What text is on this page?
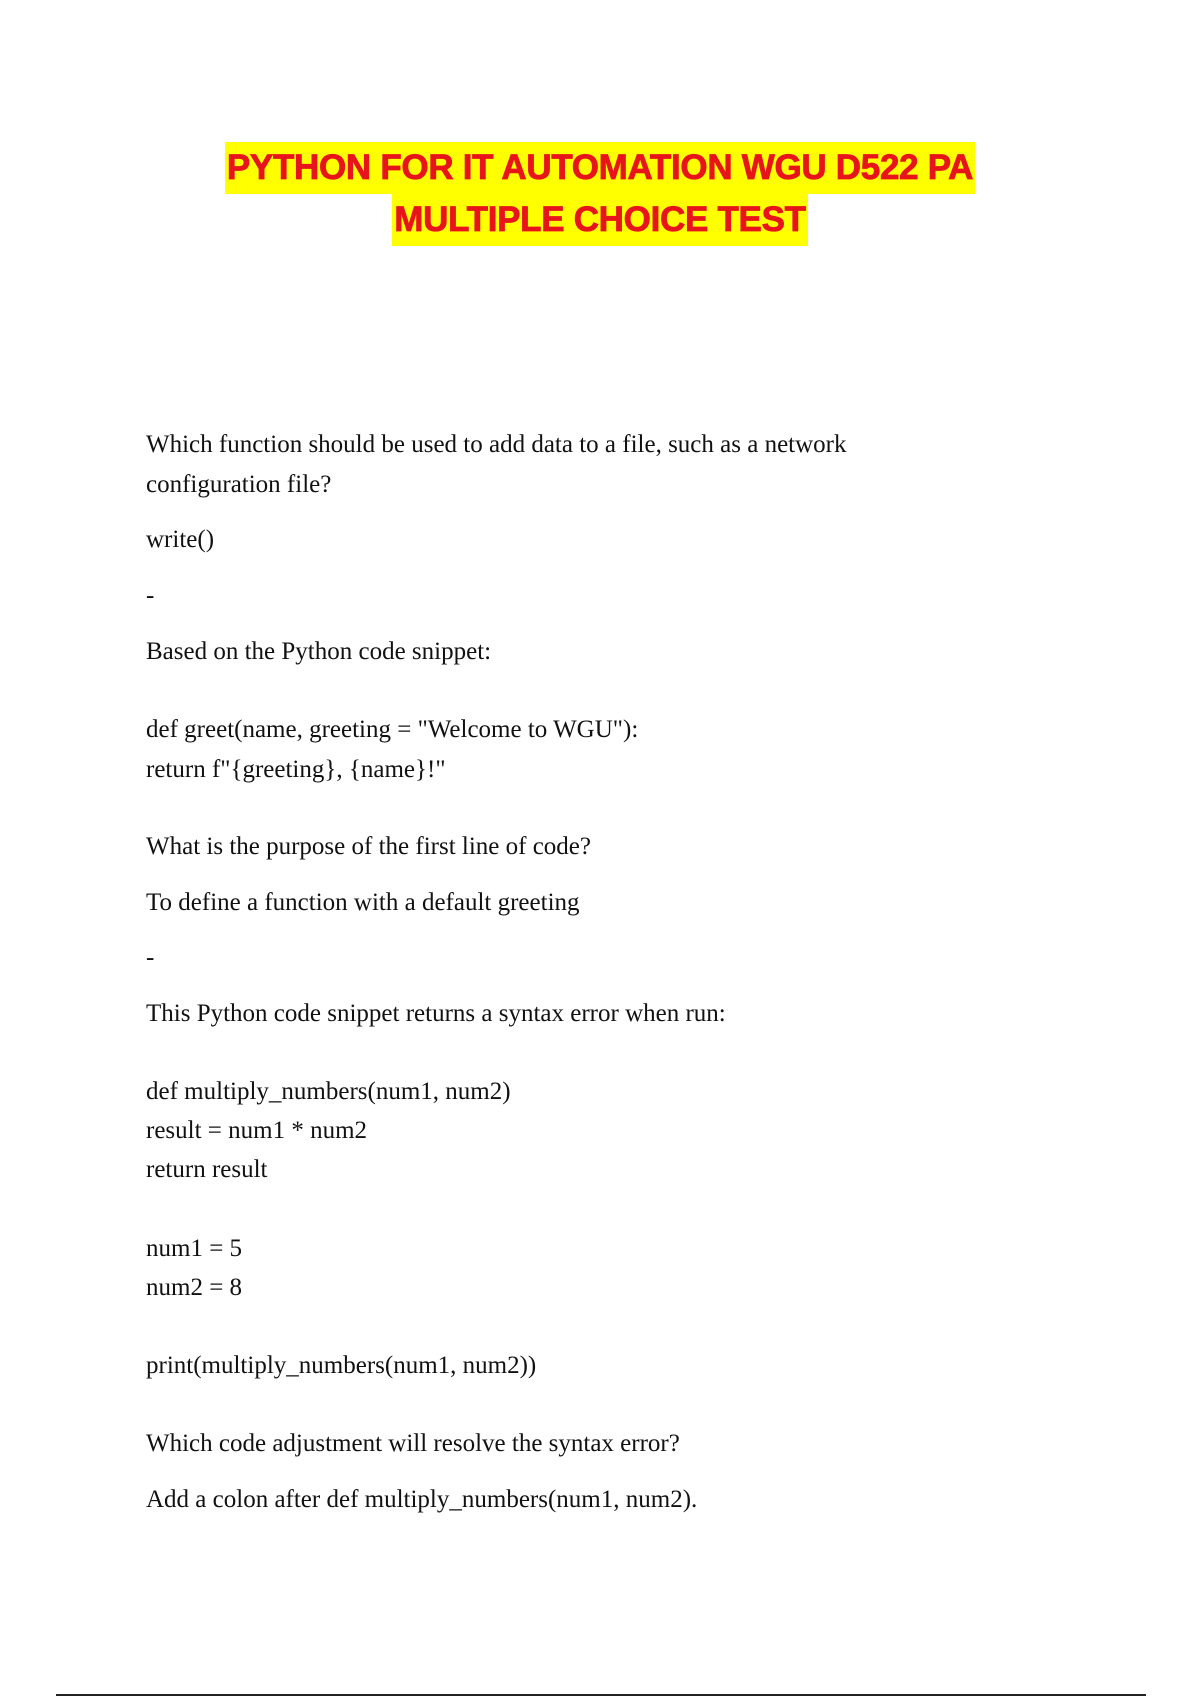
PYTHON FOR IT AUTOMATION WGU D522 PA
MULTIPLE CHOICE TEST

Which function should be used to add data to a file, such as a network

configuration file?

write()

-

Based on the Python code snippet:

def greet(name, greeting = "Welcome to WGU"):

return f"{greeting}, {name}!"

What is the purpose of the first line of code?

To define a function with a default greeting

-

This Python code snippet returns a syntax error when run:

def multiply_numbers(num1, num2)

result = num1 * num2

return result

num1 = 5

num2 = 8

print(multiply_numbers(num1, num2))

Which code adjustment will resolve the syntax error?

Add a colon after def multiply_numbers(num1, num2).
